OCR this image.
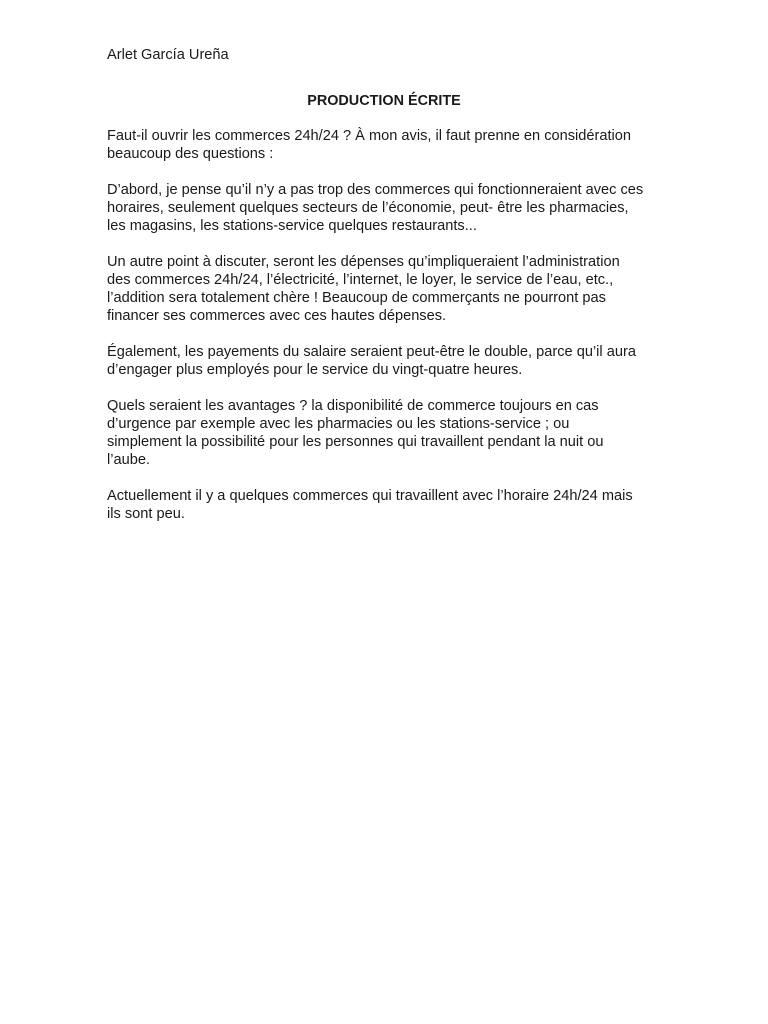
Arlet García Ureña
PRODUCTION ÉCRITE

Faut-il ouvrir les commerces 24h/24 ? À mon avis, il faut prenne en considération
beaucoup des questions :

D’abord, je pense qu’il n’y a pas trop des commerces qui fonctionneraient avec ces
horaires, seulement quelques secteurs de l’économie, peut- être les pharmacies,
les magasins, les stations-service quelques restaurants...

Un autre point à discuter, seront les dépenses qu’impliqueraient l’administration
des commerces 24h/24, l’électricité, l’internet, le loyer, le service de l’eau, etc.,
l’addition sera totalement chère ! Beaucoup de commerçants ne pourront pas
financer ses commerces avec ces hautes dépenses.

Également, les payements du salaire seraient peut-être le double, parce qu’il aura
d’engager plus employés pour le service du vingt-quatre heures.

Quels seraient les avantages ? la disponibilité de commerce toujours en cas
d’urgence par exemple avec les pharmacies ou les stations-service ; ou
simplement la possibilité pour les personnes qui travaillent pendant la nuit ou
l’aube.

Actuellement il y a quelques commerces qui travaillent avec l’horaire 24h/24 mais
ils sont peu.
